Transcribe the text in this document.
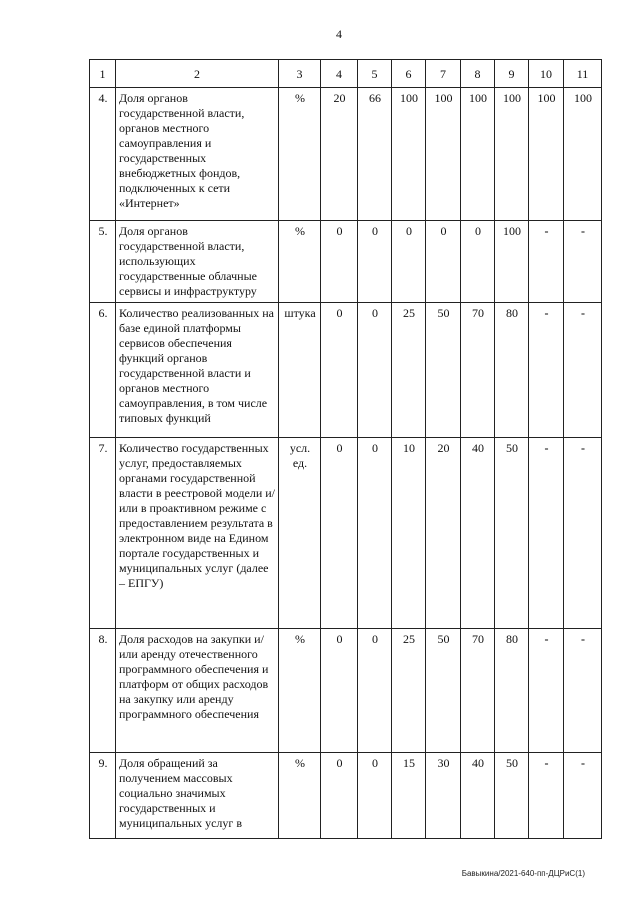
4
1	2	3	4	5	6	7	8	9	10	11
4.	Доля органов государственной власти, органов местного самоуправления и государственных внебюджетных фондов, подключенных к сети «Интернет»	%	20	66	100	100	100	100	100	100
5.	Доля органов государственной власти, использующих государственные облачные сервисы и инфраструктуру	%	0	0	0	0	0	100	-	-
6.	Количество реализованных на базе единой платформы сервисов обеспечения функций органов государственной власти и органов местного самоуправления, в том числе типовых функций	штука	0	0	25	50	70	80	-	-
7.	Количество государственных услуг, предоставляемых органами государственной власти в реестровой модели и/или в проактивном режиме с предоставлением результата в электронном виде на Едином портале государственных и муниципальных услуг (далее – ЕПГУ)	усл. ед.	0	0	10	20	40	50	-	-
8.	Доля расходов на закупки и/или аренду отечественного программного обеспечения и платформ от общих расходов на закупку или аренду программного обеспечения	%	0	0	25	50	70	80	-	-
9.	Доля обращений за получением массовых социально значимых государственных и муниципальных услуг в	%	0	0	15	30	40	50	-	-
Бавыкина/2021-640-пп-ДЦРиС(1)
